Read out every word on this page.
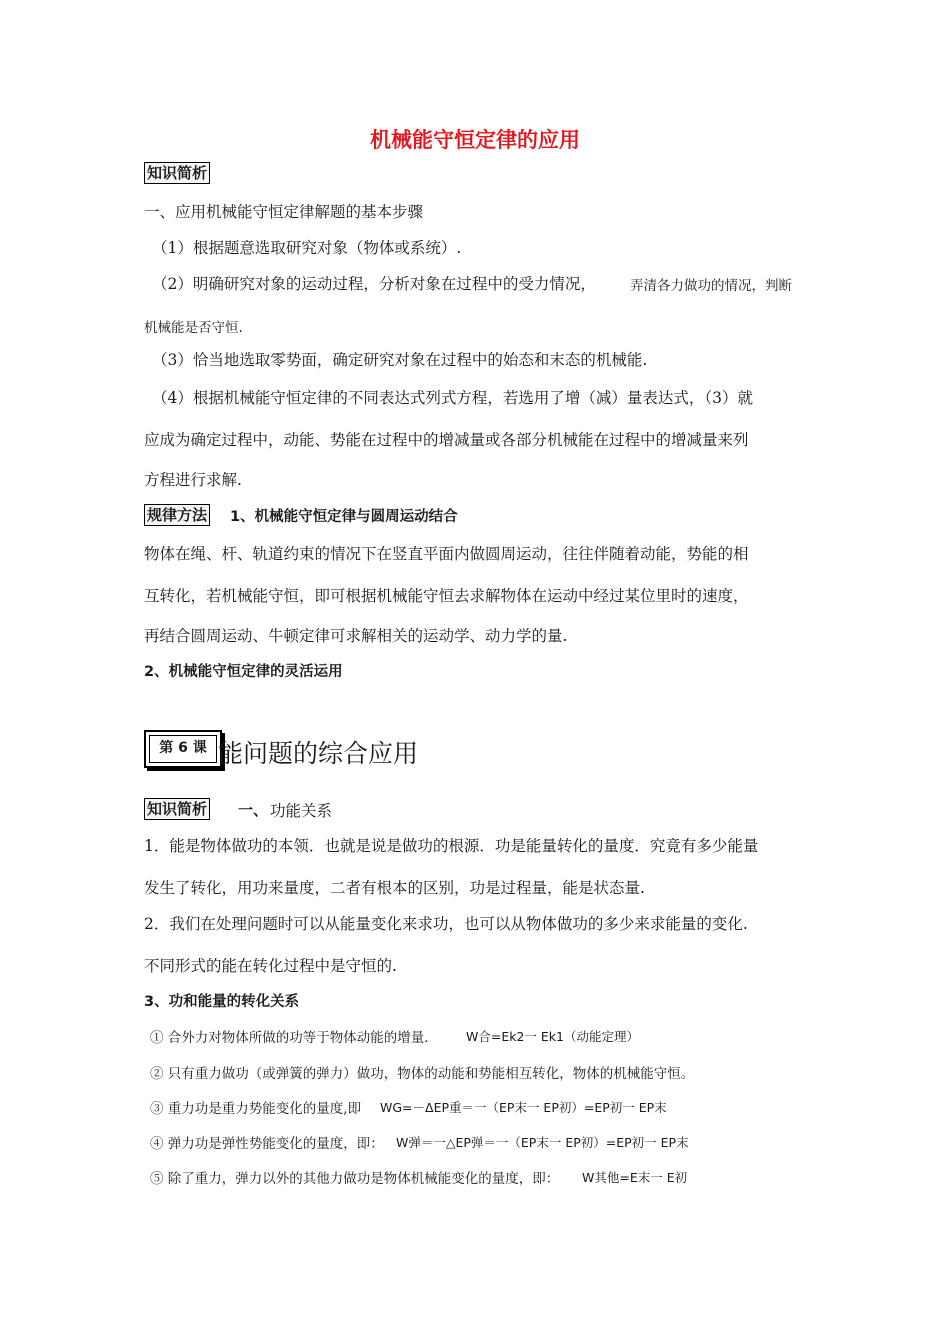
机械能守恒定律的应用
知识简析
一、应用机械能守恒定律解题的基本步骤
（1）根据题意选取研究对象（物体或系统）.
（2）明确研究对象的运动过程，分析对象在过程中的受力情况，	弄清各力做功的情况，判断
机械能是否守恒.
（3）恰当地选取零势面，确定研究对象在过程中的始态和末态的机械能.
（4）根据机械能守恒定律的不同表达式列式方程，若选用了增（减）量表达式，（3）就
应成为确定过程中，动能、势能在过程中的增减量或各部分机械能在过程中的增减量来列
方程进行求解.
规律方法 1、机械能守恒定律与圆周运动结合
物体在绳、杆、轨道约束的情况下在竖直平面内做圆周运动，往往伴随着动能，势能的相
互转化，若机械能守恒，即可根据机械能守恒去求解物体在运动中经过某位里时的速度，
再结合圆周运动、牛顿定律可求解相关的运动学、动力学的量.
2、机械能守恒定律的灵活运用
第 6 课 能问题的综合应用
知识简析 一、 功能关系
1．能是物体做功的本领．也就是说是做功的根源．功是能量转化的量度．究竟有多少能量
发生了转化，用功来量度，二者有根本的区别，功是过程量，能是状态量.
2．我们在处理问题时可以从能量变化来求功，也可以从物体做功的多少来求能量的变化.
不同形式的能在转化过程中是守恒的.
3、功和能量的转化关系
① 合外力对物体所做的功等于物体动能的增量． W合=Ek2一 Ek1（动能定理）
② 只有重力做功（或弹簧的弹力）做功，物体的动能和势能相互转化，物体的机械能守恒。
③ 重力功是重力势能变化的量度,即 WG=－ΔEP重＝一（EP末一 EP初）=EP初一 EP末
④ 弹力功是弹性势能变化的量度，即： W弹＝一△EP弹＝一（EP末一 EP初）=EP初一 EP末
⑤ 除了重力，弹力以外的其他力做功是物体机械能变化的量度，即： W其他=E末一 E初
